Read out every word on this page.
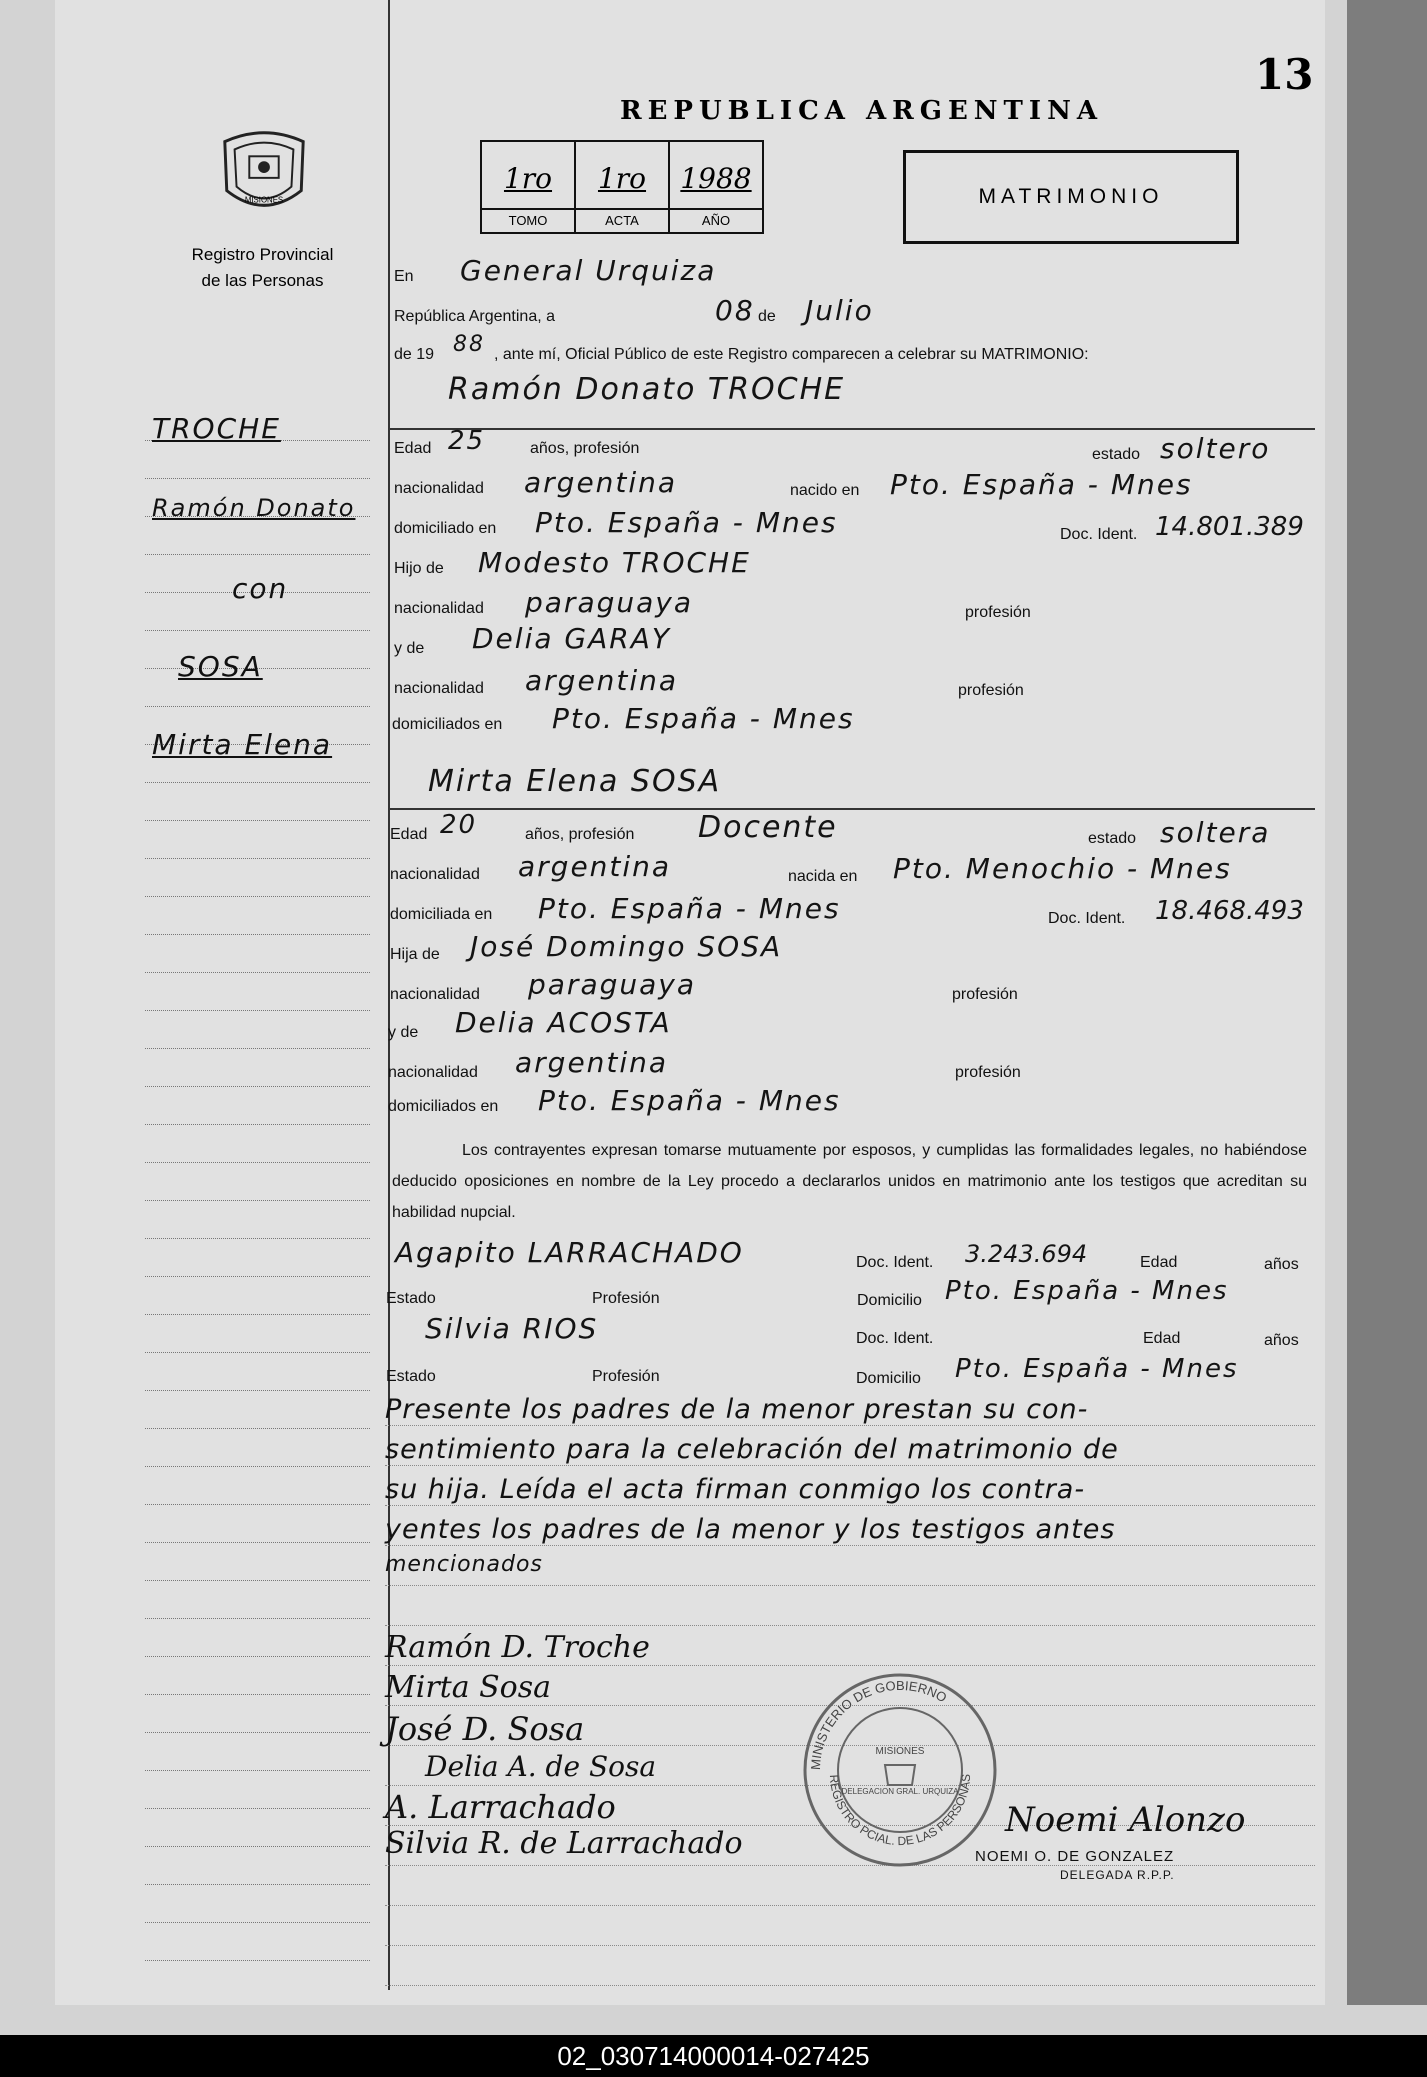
13
REPUBLICA ARGENTINA
MISIONES
Registro Provincial
de las Personas
1ro
TOMO
1ro
ACTA
1988
AÑO
MATRIMONIO
TROCHE
Ramón Donato
con
SOSA
Mirta Elena
En General Urquiza
República Argentina, a	08 de Julio
de 19 88 , ante mí, Oficial Público de este Registro comparecen a celebrar su MATRIMONIO:
Ramón Donato TROCHE
Edad 25	años, profesión	estado soltero
nacionalidad argentina	nacido en Pto. España - Mnes
domiciliado en Pto. España - Mnes	Doc. Ident. 14.801.389
Hijo de Modesto TROCHE
nacionalidad paraguaya	profesión
y de Delia GARAY
nacionalidad argentina	profesión
domiciliados en Pto. España - Mnes
Mirta Elena SOSA
Edad 20	años, profesión Docente	estado soltera
nacionalidad argentina	nacida en Pto. Menochio - Mnes
domiciliada en Pto. España - Mnes	Doc. Ident. 18.468.493
Hija de José Domingo SOSA
nacionalidad paraguaya	profesión
y de Delia ACOSTA
nacionalidad argentina	profesión
domiciliados en Pto. España - Mnes
Los contrayentes expresan tomarse mutuamente por esposos, y cumplidas las formalidades legales, no habiéndose deducido oposiciones en nombre de la Ley procedo a declararlos unidos en matrimonio ante los testigos que acreditan su habilidad nupcial.
Agapito LARRACHADO	Doc. Ident. 3.243.694	Edad	años
Estado	Profesión	Domicilio Pto. España - Mnes
Silvia RIOS	Doc. Ident.	Edad	años
Estado	Profesión	Domicilio Pto. España - Mnes
Presente los padres de la menor prestan su con-
sentimiento para la celebración del matrimonio de
su hija. Leída el acta firman conmigo los contra-
yentes los padres de la menor y los testigos antes
mencionados
Ramón D. Troche
Mirta Sosa
José D. Sosa
Delia A. de Sosa
A. Larrachado
Silvia R. de Larrachado
MINISTERIO DE GOBIERNO
REGISTRO PCIAL. DE LAS PERSONAS
MISIONES
DELEGACION GRAL. URQUIZA
Noemi Alonzo
NOEMI O. DE GONZALEZ
DELEGADA R.P.P.
02_030714000014-027425
